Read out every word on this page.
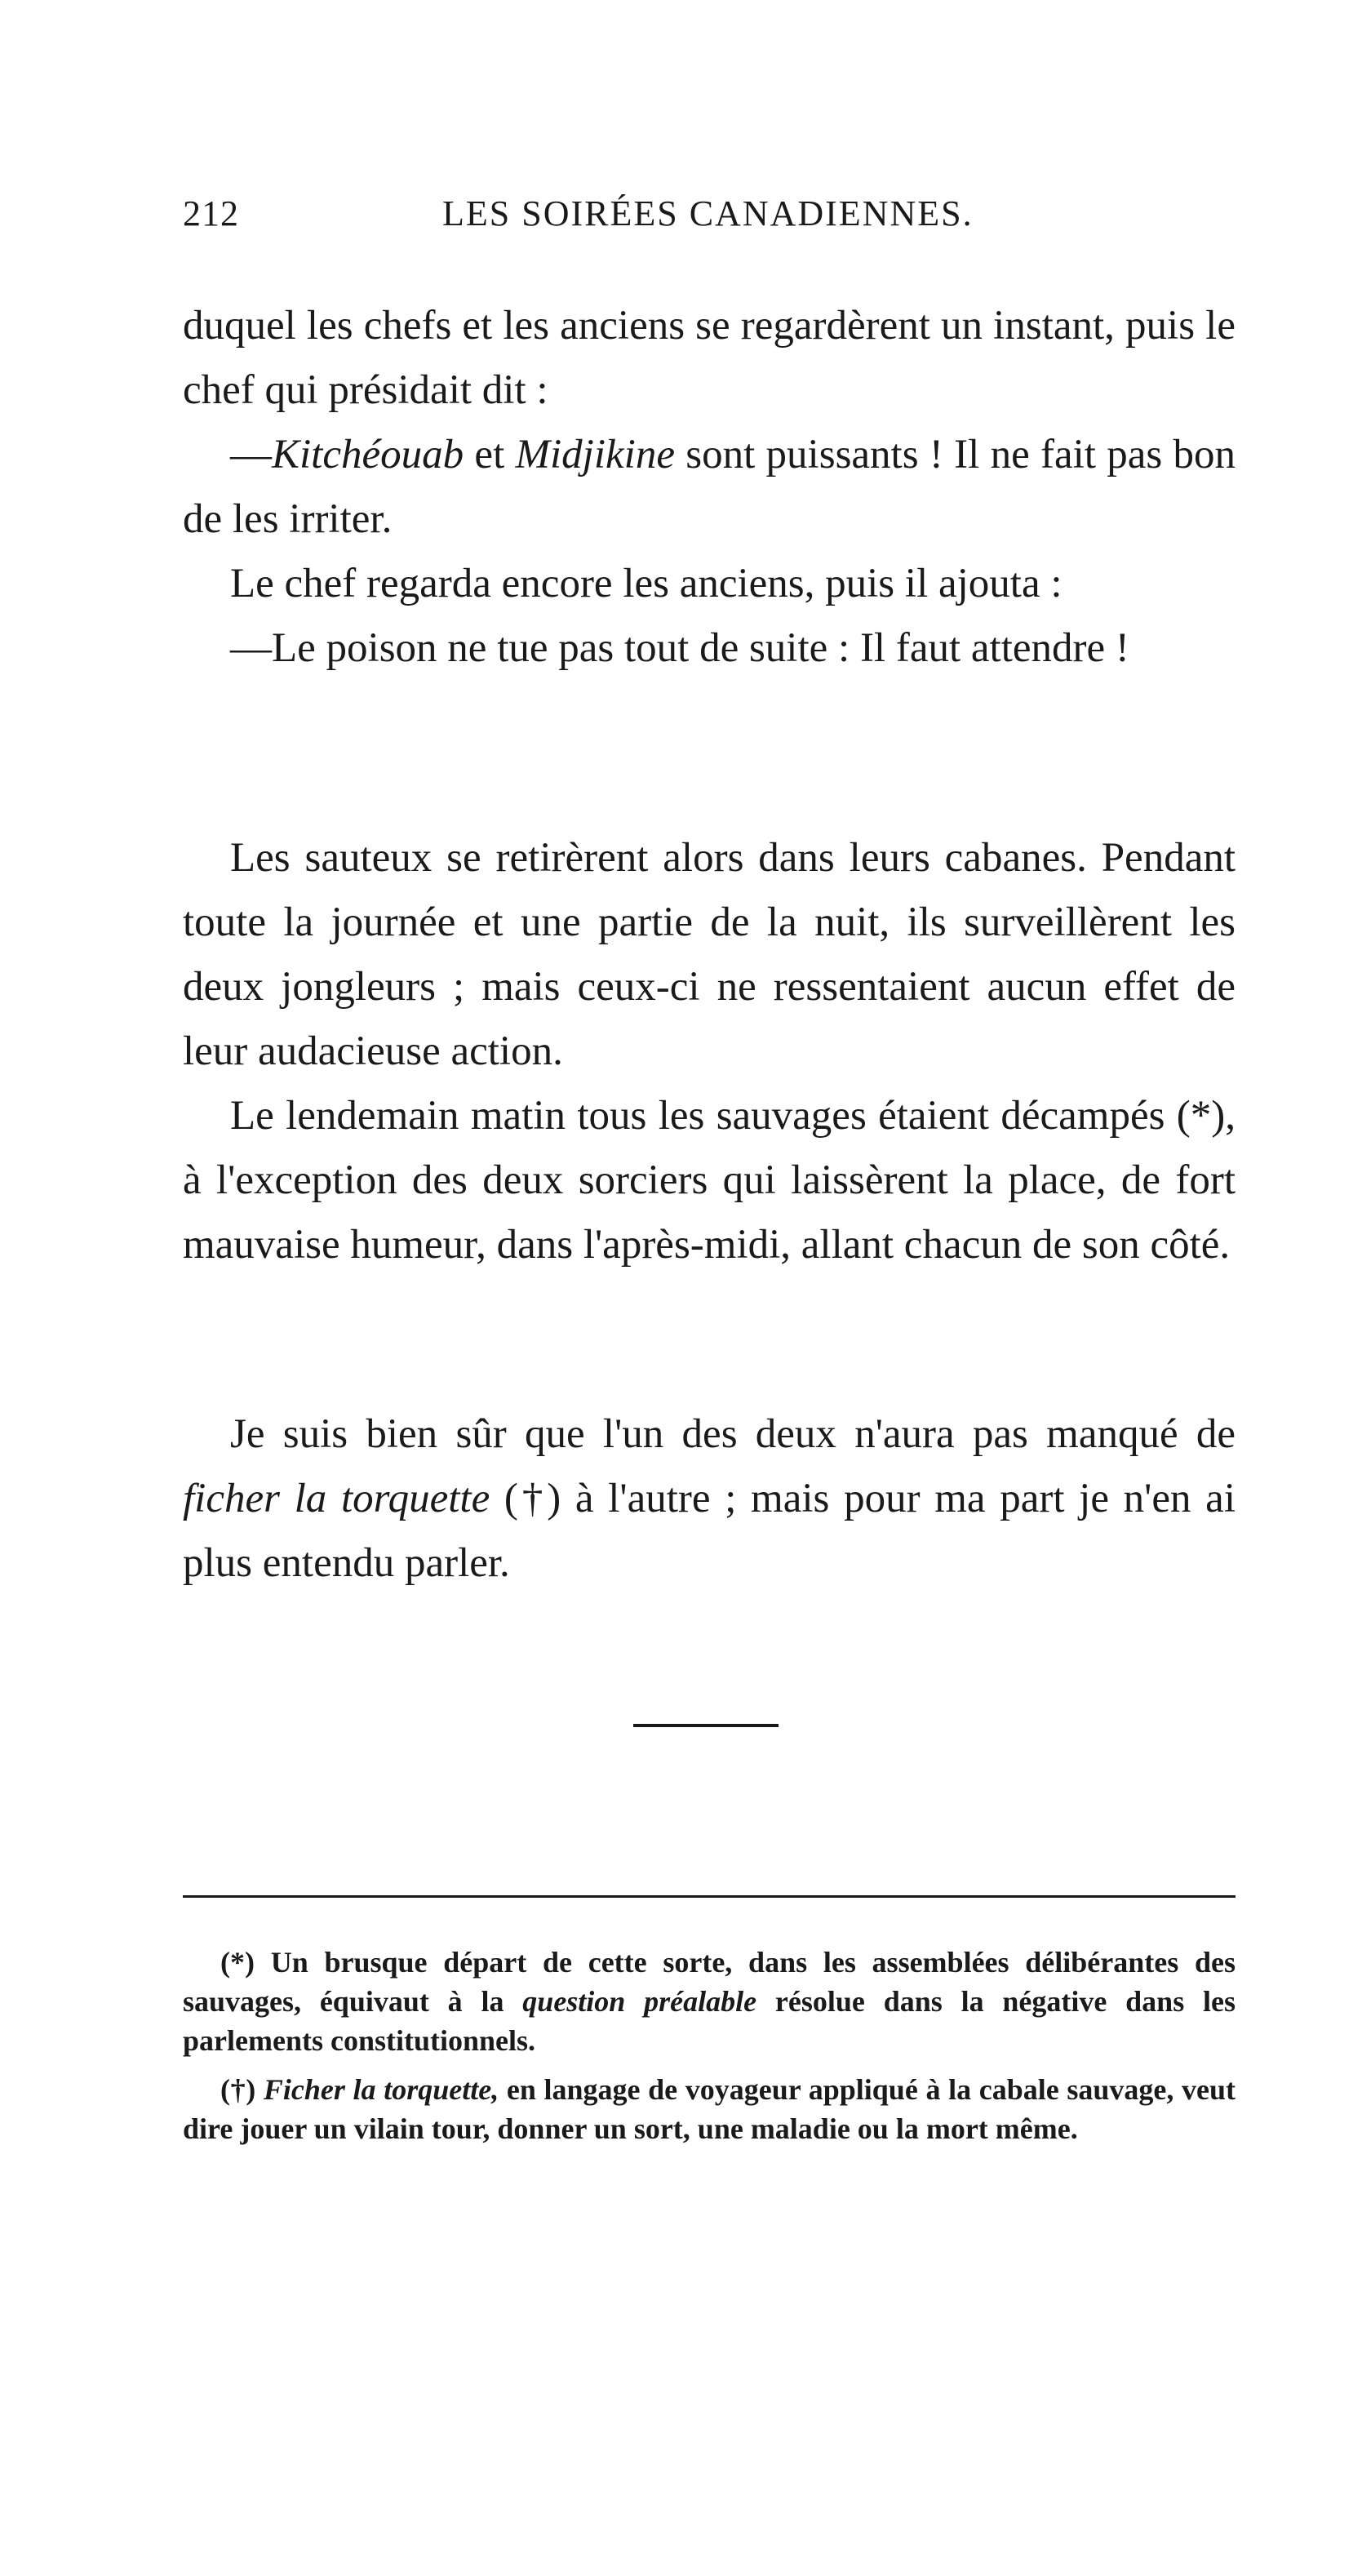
212	LES SOIRÉES CANADIENNES.

duquel les chefs et les anciens se regardèrent un instant, puis le chef qui présidait dit :

—Kitchéouab et Midjikine sont puissants ! Il ne fait pas bon de les irriter.

Le chef regarda encore les anciens, puis il ajouta :

—Le poison ne tue pas tout de suite : Il faut attendre !

Les sauteux se retirèrent alors dans leurs cabanes. Pendant toute la journée et une partie de la nuit, ils surveillèrent les deux jongleurs ; mais ceux-ci ne ressentaient aucun effet de leur audacieuse action.

Le lendemain matin tous les sauvages étaient décampés (*), à l'exception des deux sorciers qui laissèrent la place, de fort mauvaise humeur, dans l'après-midi, allant chacun de son côté.

Je suis bien sûr que l'un des deux n'aura pas manqué de ficher la torquette (†) à l'autre ; mais pour ma part je n'en ai plus entendu parler.

(*) Un brusque départ de cette sorte, dans les assemblées délibérantes des sauvages, équivaut à la question préalable résolue dans la négative dans les parlements constitutionnels.

(†) Ficher la torquette, en langage de voyageur appliqué à la cabale sauvage, veut dire jouer un vilain tour, donner un sort, une maladie ou la mort même.
